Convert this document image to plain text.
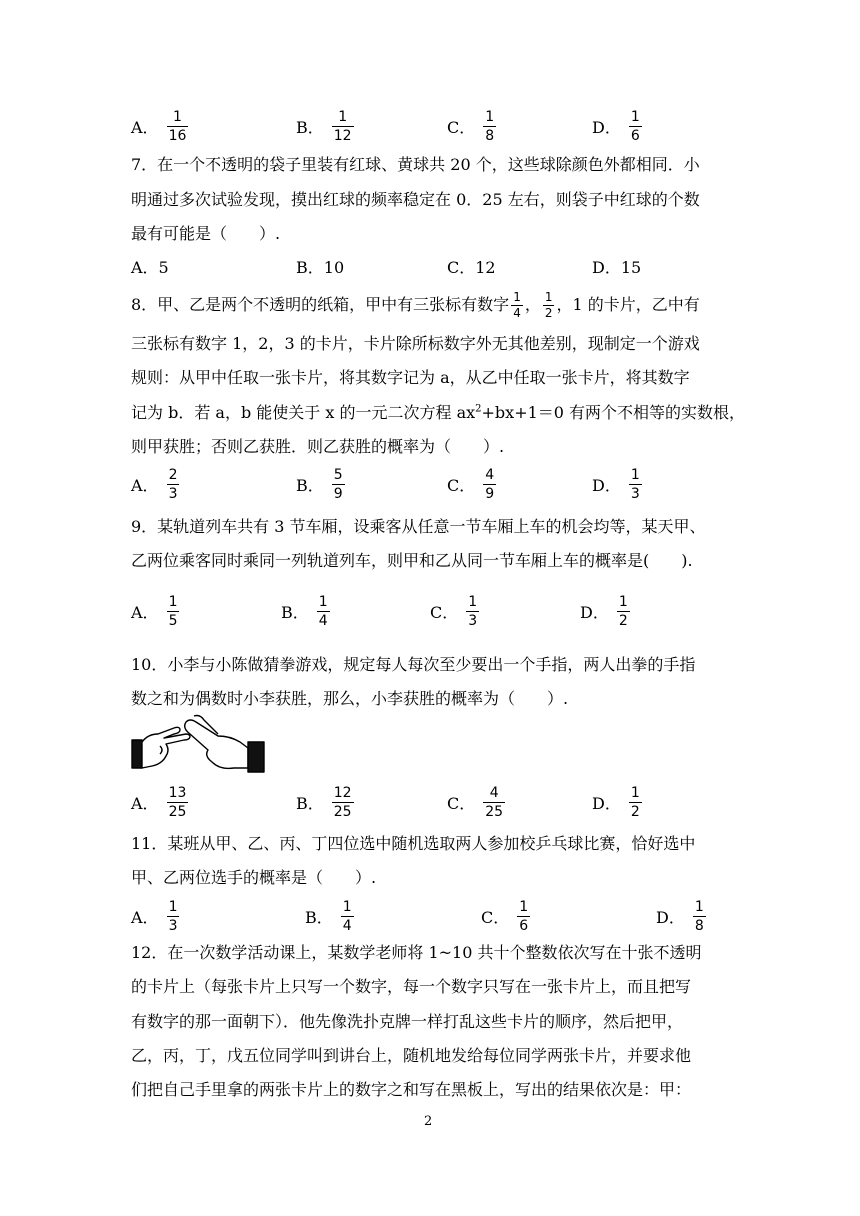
A． $\frac{1}{16}$	B． $\frac{1}{12}$	C． $\frac{1}{8}$	D． $\frac{1}{6}$
7．在一个不透明的袋子里装有红球、黄球共 20 个，这些球除颜色外都相同．小
明通过多次试验发现，摸出红球的频率稳定在 0．25 左右，则袋子中红球的个数
最有可能是（　　）.
A．5	B．10	C．12	D．15
8．甲、乙是两个不透明的纸箱，甲中有三张标有数字 $\frac{1}{4}$ ， $\frac{1}{2}$ ，1 的卡片，乙中有
三张标有数字 1，2，3 的卡片，卡片除所标数字外无其他差别，现制定一个游戏
规则：从甲中任取一张卡片，将其数字记为 a，从乙中任取一张卡片，将其数字
记为 b．若 a，b 能使关于 x 的一元二次方程 $ax^2+bx+1=0$ 有两个不相等的实数根，
则甲获胜；否则乙获胜．则乙获胜的概率为（　　）.
A． $\frac{2}{3}$	B． $\frac{5}{9}$	C． $\frac{4}{9}$	D． $\frac{1}{3}$
9．某轨道列车共有 3 节车厢，设乘客从任意一节车厢上车的机会均等，某天甲、
乙两位乘客同时乘同一列轨道列车，则甲和乙从同一节车厢上车的概率是(　　).
A． $\frac{1}{5}$	B． $\frac{1}{4}$	C． $\frac{1}{3}$	D． $\frac{1}{2}$
10．小李与小陈做猜拳游戏，规定每人每次至少要出一个手指，两人出拳的手指
数之和为偶数时小李获胜，那么，小李获胜的概率为（　　）.
A． $\frac{13}{25}$	B． $\frac{12}{25}$	C． $\frac{4}{25}$	D． $\frac{1}{2}$
11．某班从甲、乙、丙、丁四位选中随机选取两人参加校乒乓球比赛，恰好选中
甲、乙两位选手的概率是（　　）.
A． $\frac{1}{3}$	B． $\frac{1}{4}$	C． $\frac{1}{6}$	D． $\frac{1}{8}$
12．在一次数学活动课上，某数学老师将 1~10 共十个整数依次写在十张不透明
的卡片上（每张卡片上只写一个数字，每一个数字只写在一张卡片上，而且把写
有数字的那一面朝下）．他先像洗扑克牌一样打乱这些卡片的顺序，然后把甲，
乙，丙，丁，戊五位同学叫到讲台上，随机地发给每位同学两张卡片，并要求他
们把自己手里拿的两张卡片上的数字之和写在黑板上，写出的结果依次是：甲：
2
